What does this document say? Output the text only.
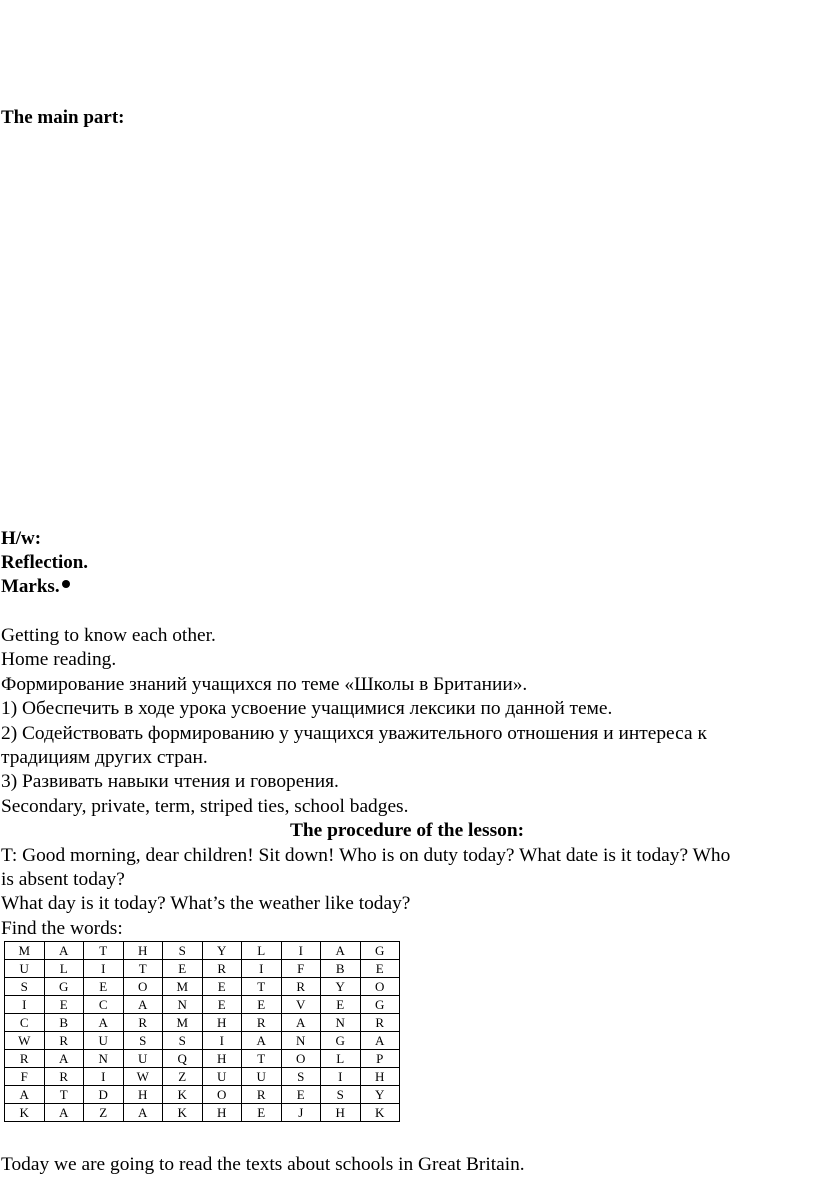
The main part:
H/w:
Reflection.
Marks.
Getting to know each other.
Home reading.
Формирование знаний учащихся по теме «Школы в Британии».
1) Обеспечить в ходе урока усвоение учащимися лексики по данной теме.
2) Содействовать формированию у учащихся уважительного отношения и интереса к
традициям других стран.
3) Развивать навыки чтения и говорения.
Secondary, private, term, striped ties, school badges.
The procedure of the lesson:
T: Good morning, dear children! Sit down! Who is on duty today? What date is it today? Who
is absent today?
What day is it today? What’s the weather like today?
Find the words:
M	A	T	H	S	Y	L	I	A	G
U	L	I	T	E	R	I	F	B	E
S	G	E	O	M	E	T	R	Y	O
I	E	C	A	N	E	E	V	E	G
C	B	A	R	M	H	R	A	N	R
W	R	U	S	S	I	A	N	G	A
R	A	N	U	Q	H	T	O	L	P
F	R	I	W	Z	U	U	S	I	H
A	T	D	H	K	O	R	E	S	Y
K	A	Z	A	K	H	E	J	H	K
Today we are going to read the texts about schools in Great Britain.
